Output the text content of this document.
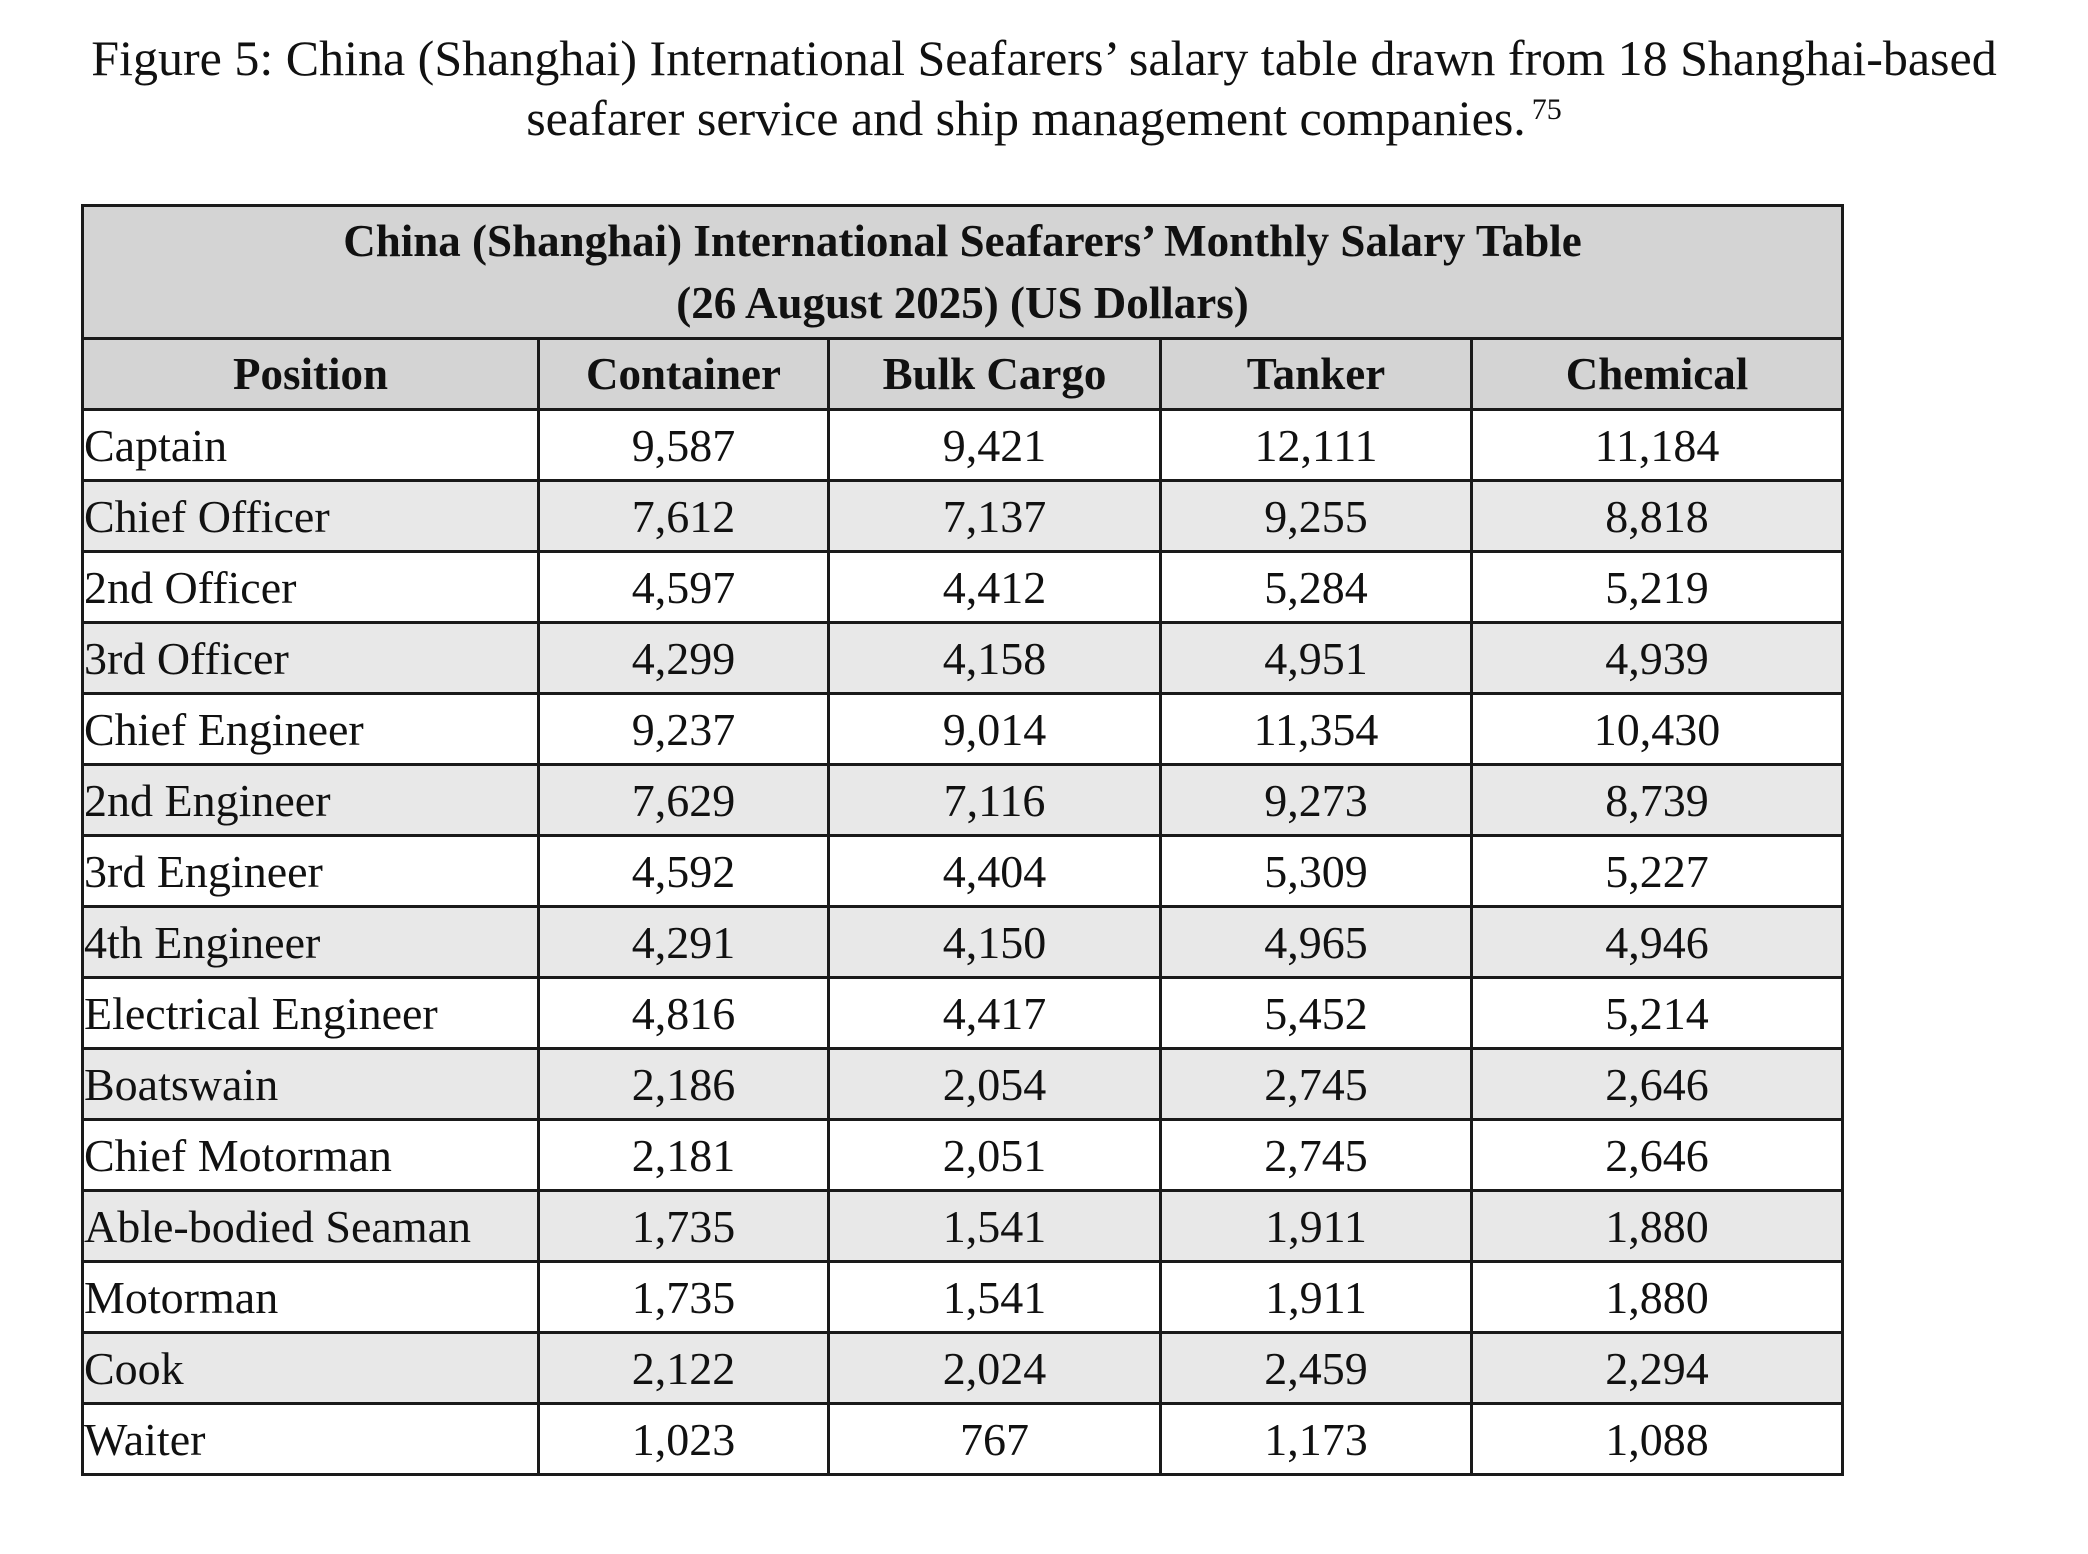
Figure 5: China (Shanghai) International Seafarers’ salary table drawn from 18 Shanghai-based
seafarer service and ship management companies. $^{75}$
China (Shanghai) International Seafarers’ Monthly Salary Table
(26 August 2025) (US Dollars)				

Position	Container	Bulk Cargo	Tanker	Chemical
Captain	9,587	9,421	12,111	11,184
Chief Officer	7,612	7,137	9,255	8,818
2nd Officer	4,597	4,412	5,284	5,219
3rd Officer	4,299	4,158	4,951	4,939
Chief Engineer	9,237	9,014	11,354	10,430
2nd Engineer	7,629	7,116	9,273	8,739
3rd Engineer	4,592	4,404	5,309	5,227
4th Engineer	4,291	4,150	4,965	4,946
Electrical Engineer	4,816	4,417	5,452	5,214
Boatswain	2,186	2,054	2,745	2,646
Chief Motorman	2,181	2,051	2,745	2,646
Able-bodied Seaman	1,735	1,541	1,911	1,880
Motorman	1,735	1,541	1,911	1,880
Cook	2,122	2,024	2,459	2,294
Waiter	1,023	767	1,173	1,088
